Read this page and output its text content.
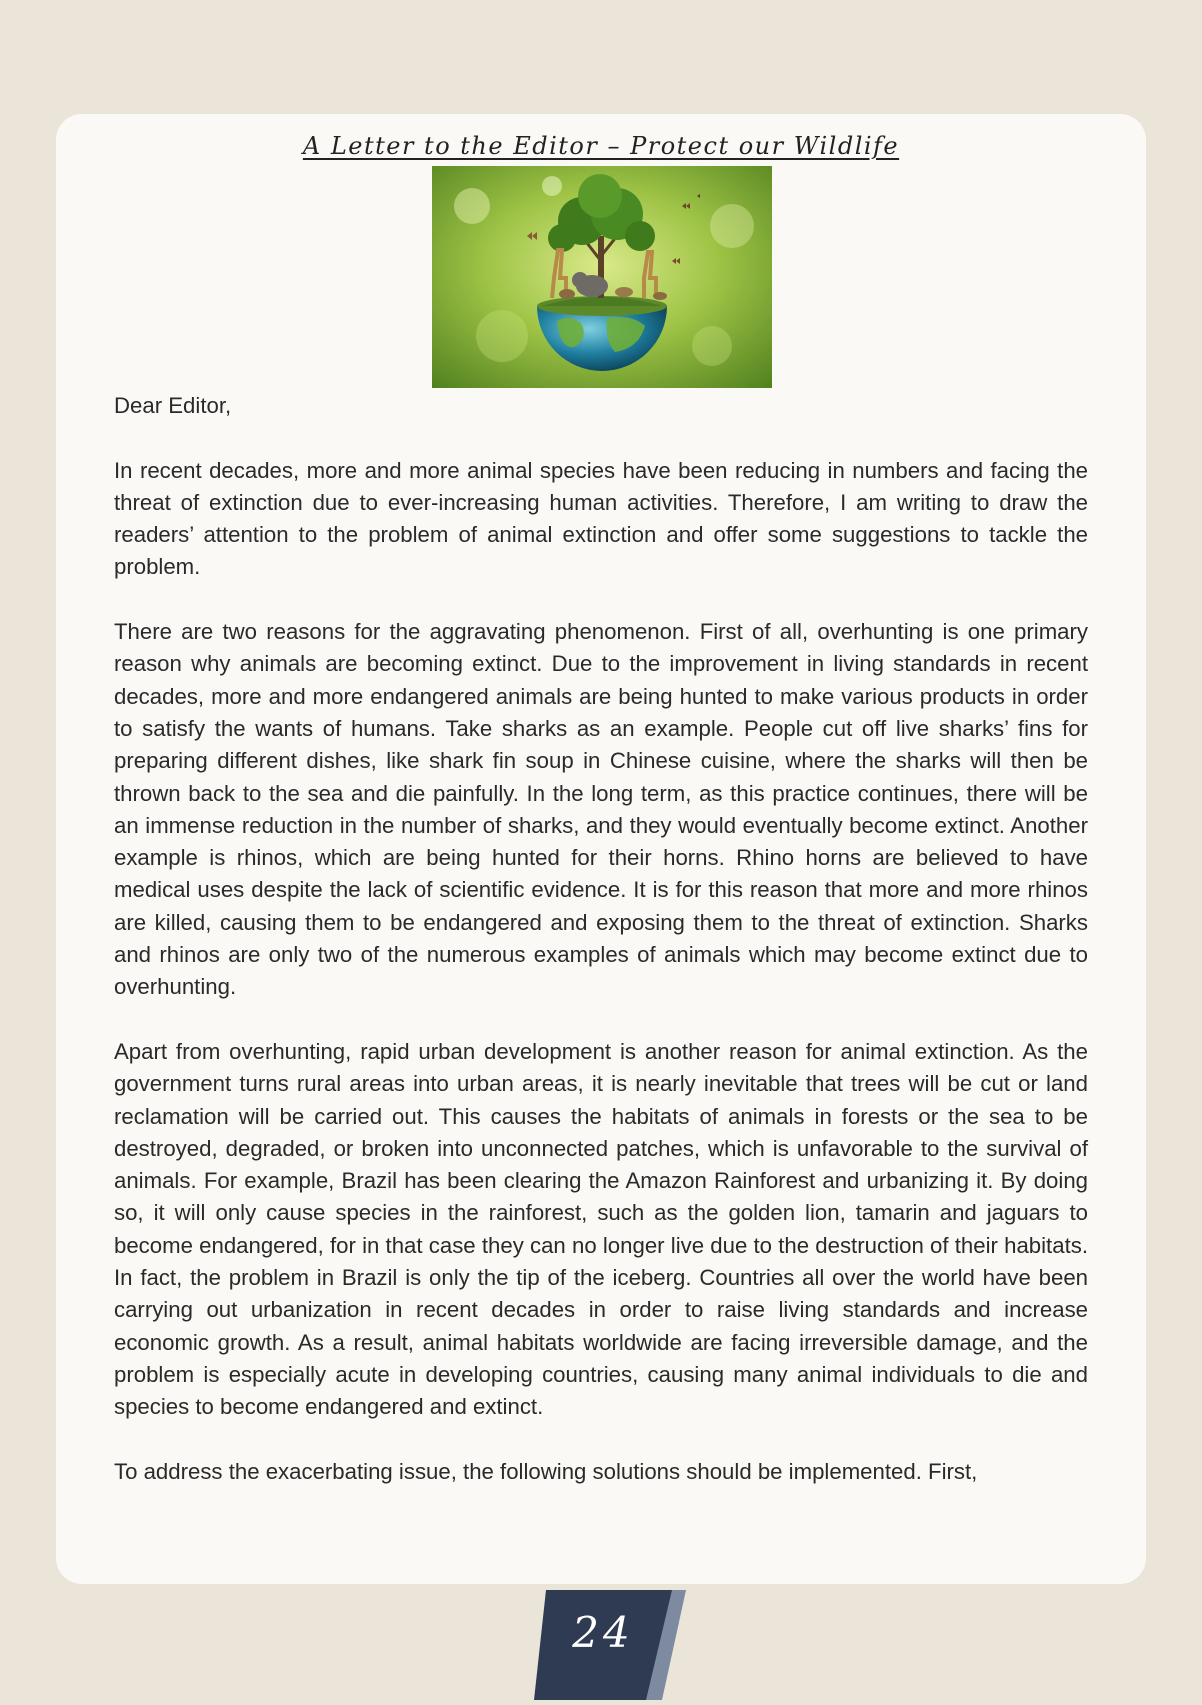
A Letter to the Editor – Protect our Wildlife

Dear Editor,

In recent decades, more and more animal species have been reducing in numbers and facing the threat of extinction due to ever-increasing human activities. Therefore, I am writing to draw the readers’ attention to the problem of animal extinction and offer some suggestions to tackle the problem.

There are two reasons for the aggravating phenomenon. First of all, overhunting is one primary reason why animals are becoming extinct. Due to the improvement in living standards in recent decades, more and more endangered animals are being hunted to make various products in order to satisfy the wants of humans. Take sharks as an example. People cut off live sharks’ fins for preparing different dishes, like shark fin soup in Chinese cuisine, where the sharks will then be thrown back to the sea and die painfully. In the long term, as this practice continues, there will be an immense reduction in the number of sharks, and they would eventually become extinct. Another example is rhinos, which are being hunted for their horns. Rhino horns are believed to have medical uses despite the lack of scientific evidence. It is for this reason that more and more rhinos are killed, causing them to be endangered and exposing them to the threat of extinction. Sharks and rhinos are only two of the numerous examples of animals which may become extinct due to overhunting.

Apart from overhunting, rapid urban development is another reason for animal extinction. As the government turns rural areas into urban areas, it is nearly inevitable that trees will be cut or land reclamation will be carried out. This causes the habitats of animals in forests or the sea to be destroyed, degraded, or broken into unconnected patches, which is unfavorable to the survival of animals. For example, Brazil has been clearing the Amazon Rainforest and urbanizing it. By doing so, it will only cause species in the rainforest, such as the golden lion, tamarin and jaguars to become endangered, for in that case they can no longer live due to the destruction of their habitats. In fact, the problem in Brazil is only the tip of the iceberg. Countries all over the world have been carrying out urbanization in recent decades in order to raise living standards and increase economic growth. As a result, animal habitats worldwide are facing irreversible damage, and the problem is especially acute in developing countries, causing many animal individuals to die and species to become endangered and extinct.

To address the exacerbating issue, the following solutions should be implemented. First,

24
